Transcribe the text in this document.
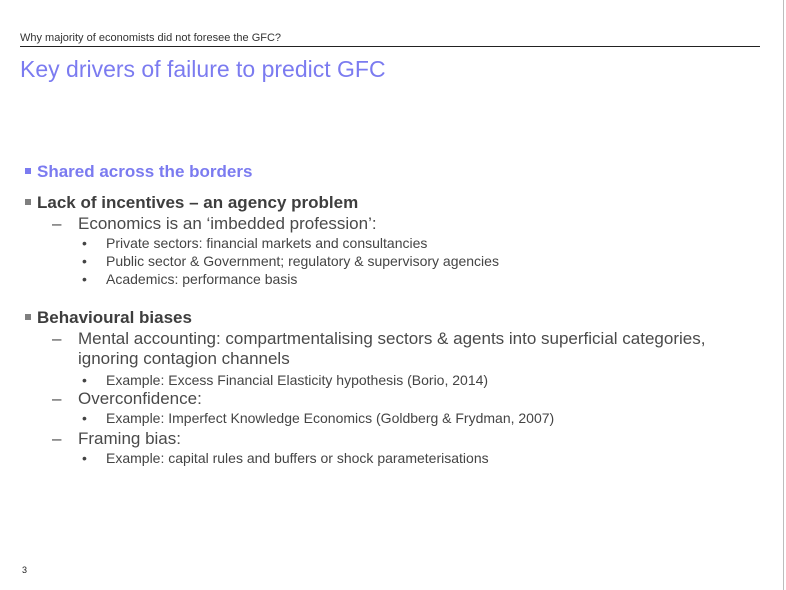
Why majority of economists did not foresee the GFC?
Key drivers of failure to predict GFC
Shared across the borders
Lack of incentives – an agency problem
– Economics is an ‘imbedded profession’:
• Private sectors: financial markets and consultancies
• Public sector & Government; regulatory & supervisory agencies
• Academics: performance basis
Behavioural biases
– Mental accounting: compartmentalising sectors & agents into superficial categories,
ignoring contagion channels
• Example: Excess Financial Elasticity hypothesis (Borio, 2014)
– Overconfidence:
• Example: Imperfect Knowledge Economics (Goldberg & Frydman, 2007)
– Framing bias:
• Example: capital rules and buffers or shock parameterisations
3
